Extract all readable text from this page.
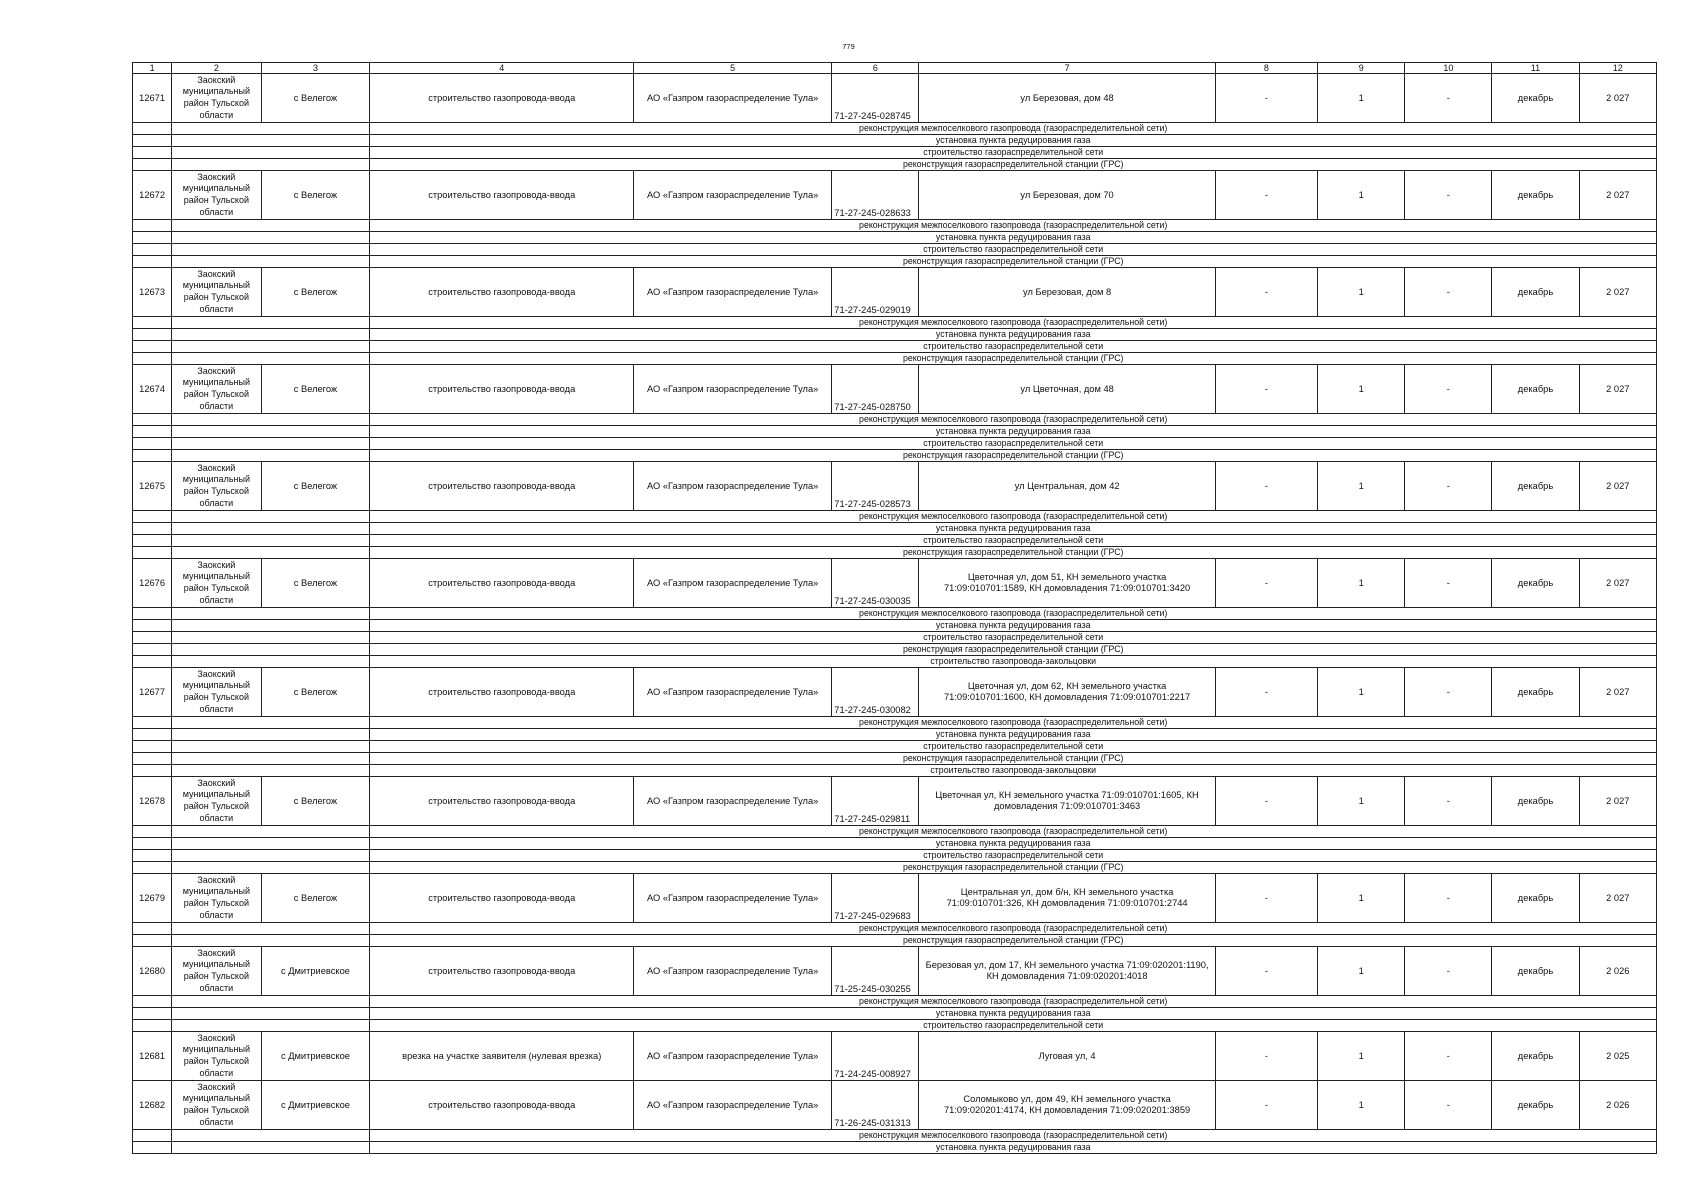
779
1	2	3	4	5	6	7	8	9	10	11	12
12671	Заокский муниципальный район Тульской области	с Велегож	строительство газопровода-ввода	АО «Газпром газораспределение Тула»	71-27-245-028745	ул Березовая, дом 48	-	1	-	декабрь	2 027
			реконструкция межпоселкового газопровода (газораспределительной сети)								
			установка пункта редуцирования газа								
			строительство газораспределительной сети								
			реконструкция газораспределительной станции (ГРС)								
12672	Заокский муниципальный район Тульской области	с Велегож	строительство газопровода-ввода	АО «Газпром газораспределение Тула»	71-27-245-028633	ул Березовая, дом 70	-	1	-	декабрь	2 027
			реконструкция межпоселкового газопровода (газораспределительной сети)								
			установка пункта редуцирования газа								
			строительство газораспределительной сети								
			реконструкция газораспределительной станции (ГРС)								
12673	Заокский муниципальный район Тульской области	с Велегож	строительство газопровода-ввода	АО «Газпром газораспределение Тула»	71-27-245-029019	ул Березовая, дом 8	-	1	-	декабрь	2 027
			реконструкция межпоселкового газопровода (газораспределительной сети)								
			установка пункта редуцирования газа								
			строительство газораспределительной сети								
			реконструкция газораспределительной станции (ГРС)								
12674	Заокский муниципальный район Тульской области	с Велегож	строительство газопровода-ввода	АО «Газпром газораспределение Тула»	71-27-245-028750	ул Цветочная, дом 48	-	1	-	декабрь	2 027
			реконструкция межпоселкового газопровода (газораспределительной сети)								
			установка пункта редуцирования газа								
			строительство газораспределительной сети								
			реконструкция газораспределительной станции (ГРС)								
12675	Заокский муниципальный район Тульской области	с Велегож	строительство газопровода-ввода	АО «Газпром газораспределение Тула»	71-27-245-028573	ул Центральная, дом 42	-	1	-	декабрь	2 027
			реконструкция межпоселкового газопровода (газораспределительной сети)								
			установка пункта редуцирования газа								
			строительство газораспределительной сети								
			реконструкция газораспределительной станции (ГРС)								
12676	Заокский муниципальный район Тульской области	с Велегож	строительство газопровода-ввода	АО «Газпром газораспределение Тула»	71-27-245-030035	Цветочная ул, дом 51, КН земельного участка 71:09:010701:1589, КН домовладения 71:09:010701:3420	-	1	-	декабрь	2 027
			реконструкция межпоселкового газопровода (газораспределительной сети)								
			установка пункта редуцирования газа								
			строительство газораспределительной сети								
			реконструкция газораспределительной станции (ГРС)								
			строительство газопровода-закольцовки								
12677	Заокский муниципальный район Тульской области	с Велегож	строительство газопровода-ввода	АО «Газпром газораспределение Тула»	71-27-245-030082	Цветочная ул, дом 62, КН земельного участка 71:09:010701:1600, КН домовладения 71:09:010701:2217	-	1	-	декабрь	2 027
			реконструкция межпоселкового газопровода (газораспределительной сети)								
			установка пункта редуцирования газа								
			строительство газораспределительной сети								
			реконструкция газораспределительной станции (ГРС)								
			строительство газопровода-закольцовки								
12678	Заокский муниципальный район Тульской области	с Велегож	строительство газопровода-ввода	АО «Газпром газораспределение Тула»	71-27-245-029811	Цветочная ул, КН земельного участка 71:09:010701:1605, КН домовладения 71:09:010701:3463	-	1	-	декабрь	2 027
			реконструкция межпоселкового газопровода (газораспределительной сети)								
			установка пункта редуцирования газа								
			строительство газораспределительной сети								
			реконструкция газораспределительной станции (ГРС)								
12679	Заокский муниципальный район Тульской области	с Велегож	строительство газопровода-ввода	АО «Газпром газораспределение Тула»	71-27-245-029683	Центральная ул, дом б/н, КН земельного участка 71:09:010701:326, КН домовладения 71:09:010701:2744	-	1	-	декабрь	2 027
			реконструкция межпоселкового газопровода (газораспределительной сети)								
			реконструкция газораспределительной станции (ГРС)								
12680	Заокский муниципальный район Тульской области	с Дмитриевское	строительство газопровода-ввода	АО «Газпром газораспределение Тула»	71-25-245-030255	Березовая ул, дом 17, КН земельного участка 71:09:020201:1190, КН домовладения 71:09:020201:4018	-	1	-	декабрь	2 026
			реконструкция межпоселкового газопровода (газораспределительной сети)								
			установка пункта редуцирования газа								
			строительство газораспределительной сети								
12681	Заокский муниципальный район Тульской области	с Дмитриевское	врезка на участке заявителя (нулевая врезка)	АО «Газпром газораспределение Тула»	71-24-245-008927	Луговая ул, 4	-	1	-	декабрь	2 025
12682	Заокский муниципальный район Тульской области	с Дмитриевское	строительство газопровода-ввода	АО «Газпром газораспределение Тула»	71-26-245-031313	Соломыково ул, дом 49, КН земельного участка 71:09:020201:4174, КН домовладения 71:09:020201:3859	-	1	-	декабрь	2 026
			реконструкция межпоселкового газопровода (газораспределительной сети)								
			установка пункта редуцирования газа								
